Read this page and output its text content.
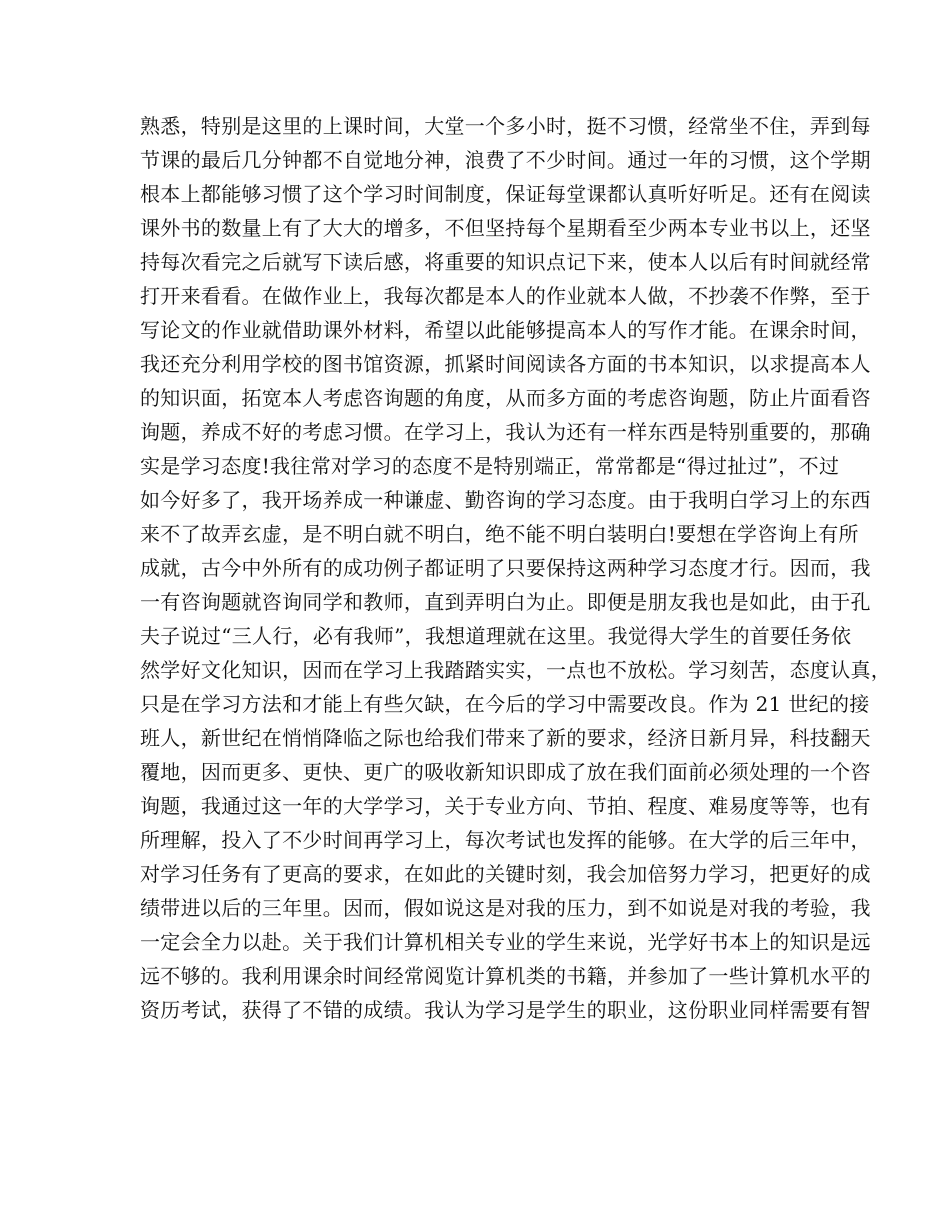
熟悉，特别是这里的上课时间，大堂一个多小时，挺不习惯，经常坐不住，弄到每
节课的最后几分钟都不自觉地分神，浪费了不少时间。通过一年的习惯，这个学期
根本上都能够习惯了这个学习时间制度，保证每堂课都认真听好听足。还有在阅读
课外书的数量上有了大大的增多，不但坚持每个星期看至少两本专业书以上，还坚
持每次看完之后就写下读后感，将重要的知识点记下来，使本人以后有时间就经常
打开来看看。在做作业上，我每次都是本人的作业就本人做，不抄袭不作弊，至于
写论文的作业就借助课外材料，希望以此能够提高本人的写作才能。在课余时间，
我还充分利用学校的图书馆资源，抓紧时间阅读各方面的书本知识，以求提高本人
的知识面，拓宽本人考虑咨询题的角度，从而多方面的考虑咨询题，防止片面看咨
询题，养成不好的考虑习惯。在学习上，我认为还有一样东西是特别重要的，那确
实是学习态度!我往常对学习的态度不是特别端正，常常都是“得过扯过”，不过
如今好多了，我开场养成一种谦虚、勤咨询的学习态度。由于我明白学习上的东西
来不了故弄玄虚，是不明白就不明白，绝不能不明白装明白!要想在学咨询上有所
成就，古今中外所有的成功例子都证明了只要保持这两种学习态度才行。因而，我
一有咨询题就咨询同学和教师，直到弄明白为止。即便是朋友我也是如此，由于孔
夫子说过“三人行，必有我师”，我想道理就在这里。我觉得大学生的首要任务依
然学好文化知识，因而在学习上我踏踏实实，一点也不放松。学习刻苦，态度认真，
只是在学习方法和才能上有些欠缺，在今后的学习中需要改良。作为 21 世纪的接
班人，新世纪在悄悄降临之际也给我们带来了新的要求，经济日新月异，科技翻天
覆地，因而更多、更快、更广的吸收新知识即成了放在我们面前必须处理的一个咨
询题，我通过这一年的大学学习，关于专业方向、节拍、程度、难易度等等，也有
所理解，投入了不少时间再学习上，每次考试也发挥的能够。在大学的后三年中，
对学习任务有了更高的要求，在如此的关键时刻，我会加倍努力学习，把更好的成
绩带进以后的三年里。因而，假如说这是对我的压力，到不如说是对我的考验，我
一定会全力以赴。关于我们计算机相关专业的学生来说，光学好书本上的知识是远
远不够的。我利用课余时间经常阅览计算机类的书籍，并参加了一些计算机水平的
资历考试，获得了不错的成绩。我认为学习是学生的职业，这份职业同样需要有智
